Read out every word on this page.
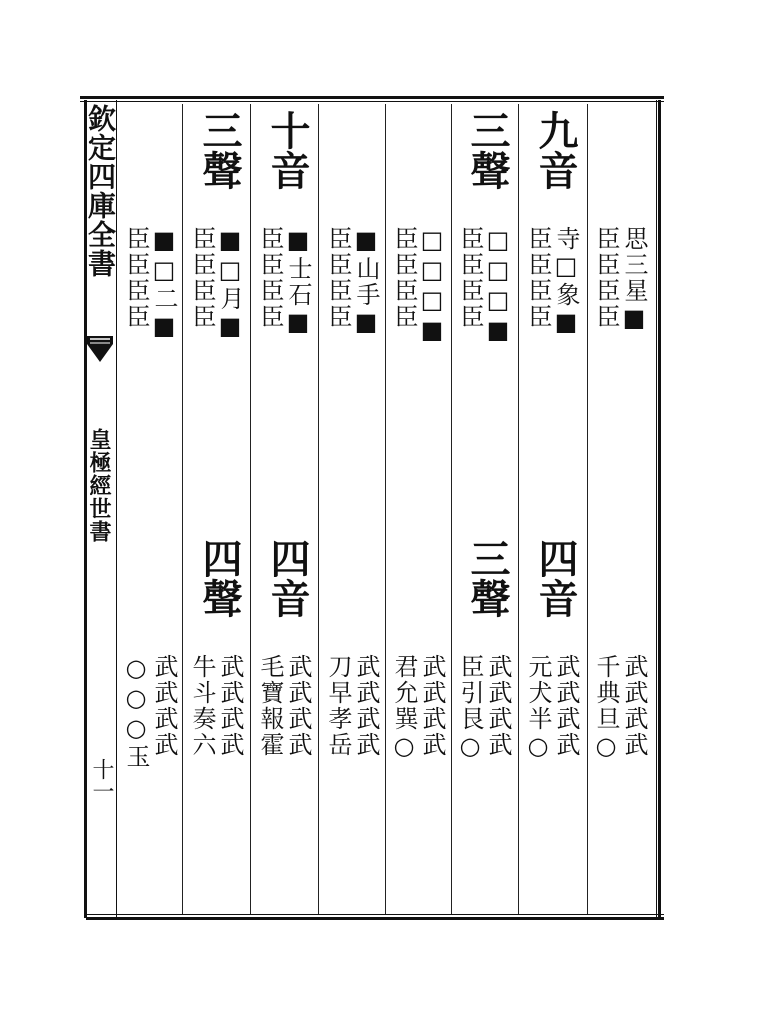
欽定四庫全書
皇極經世書
十一
思三星■
臣臣臣臣
武武武武
千典旦○
九音
寺□象■
臣臣臣臣
四音
武武武武
元犬半○
三聲
□□□■
臣臣臣臣
三聲
武武武武
臣引艮○
□□□■
臣臣臣臣
武武武武
君允巽○
■山手■
臣臣臣臣
武武武武
刀早孝岳
十音
■士石■
臣臣臣臣
四音
武武武武
毛寶報霍
三聲
■□月■
臣臣臣臣
四聲
武武武武
牛斗奏六
■□二■
臣臣臣臣
武武武武
○○○玉
